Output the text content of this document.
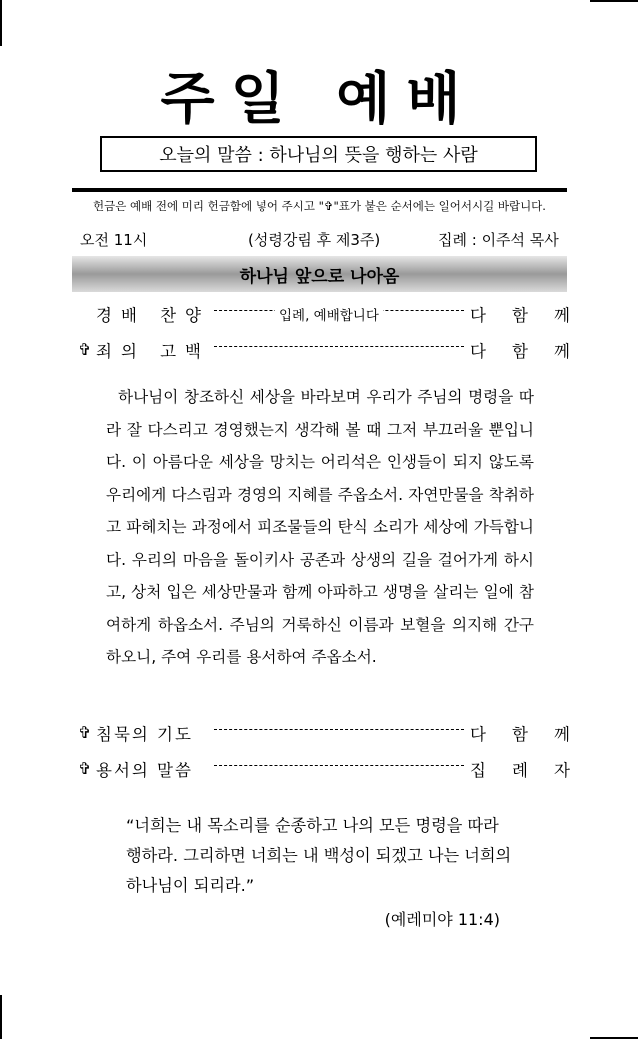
주일 예배
오늘의 말씀 : 하나님의 뜻을 행하는 사람
헌금은 예배 전에 미리 헌금함에 넣어 주시고 "✞"표가 붙은 순서에는 일어서시길 바랍니다.
오전 11시	(성령강림 후 제3주)	집례 : 이주석 목사
하나님 앞으로 나아옴
경배 찬양	입례, 예배합니다	다 함 께
✞ 죄의 고백	다 함 께

하나님이 창조하신 세상을 바라보며 우리가 주님의 명령을 따라 잘 다스리고 경영했는지 생각해 볼 때 그저 부끄러울 뿐입니다. 이 아름다운 세상을 망치는 어리석은 인생들이 되지 않도록 우리에게 다스림과 경영의 지혜를 주옵소서. 자연만물을 착취하고 파헤치는 과정에서 피조물들의 탄식 소리가 세상에 가득합니다. 우리의 마음을 돌이키사 공존과 상생의 길을 걸어가게 하시고, 상처 입은 세상만물과 함께 아파하고 생명을 살리는 일에 참여하게 하옵소서. 주님의 거룩하신 이름과 보혈을 의지해 간구하오니, 주여 우리를 용서하여 주옵소서.

✞ 침묵의 기도	다 함 께
✞ 용서의 말씀	집 례 자
“너희는 내 목소리를 순종하고 나의 모든 명령을 따라 행하라. 그리하면 너희는 내 백성이 되겠고 나는 너희의 하나님이 되리라.”
(예레미야 11:4)
